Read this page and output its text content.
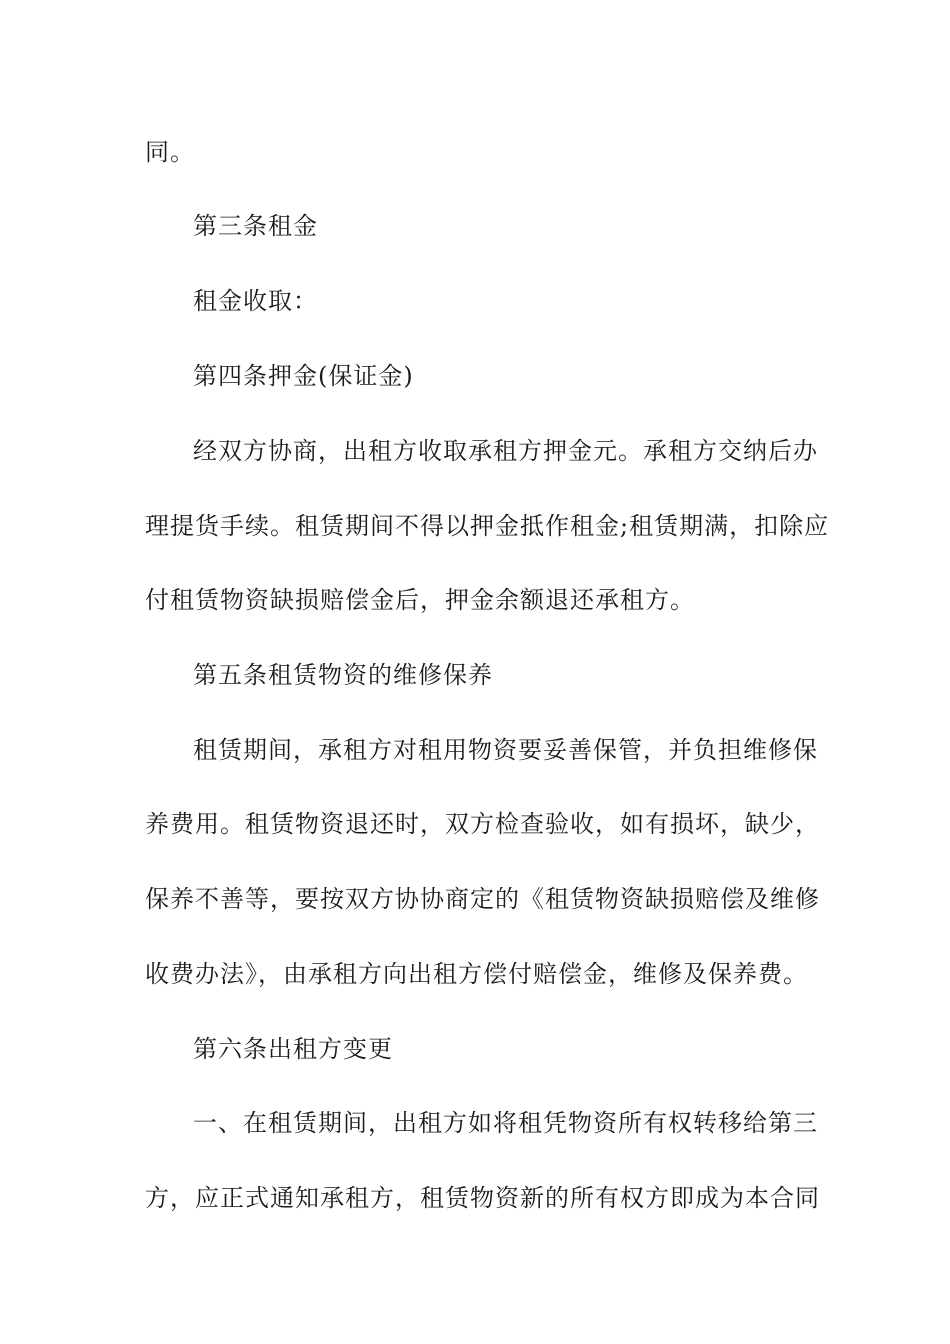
同。
第三条租金
租金收取：
第四条押金(保证金)
经双方协商，出租方收取承租方押金元。承租方交纳后办
理提货手续。租赁期间不得以押金抵作租金;租赁期满，扣除应
付租赁物资缺损赔偿金后，押金余额退还承租方。
第五条租赁物资的维修保养
租赁期间，承租方对租用物资要妥善保管，并负担维修保
养费用。租赁物资退还时，双方检查验收，如有损坏，缺少，
保养不善等，要按双方协协商定的《租赁物资缺损赔偿及维修
收费办法》，由承租方向出租方偿付赔偿金，维修及保养费。
第六条出租方变更
一、在租赁期间，出租方如将租凭物资所有权转移给第三
方，应正式通知承租方，租赁物资新的所有权方即成为本合同
